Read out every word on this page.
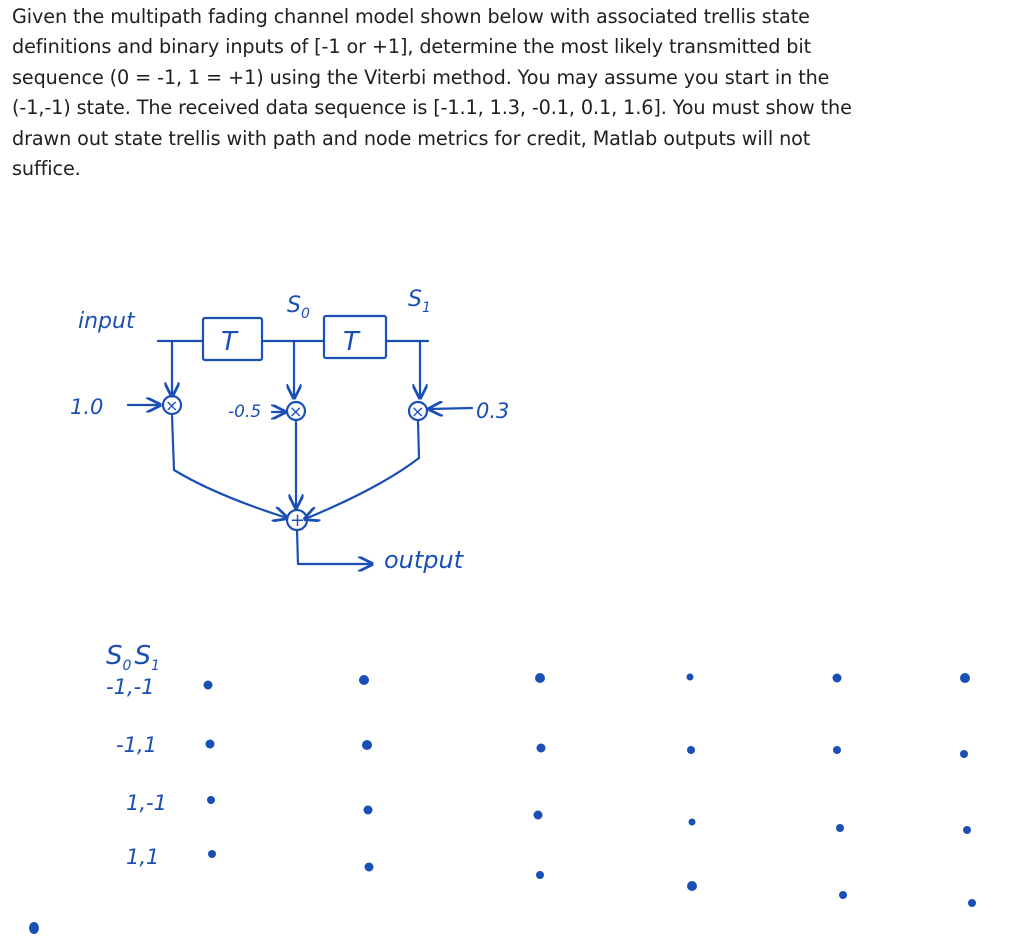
Given the multipath fading channel model shown below with associated trellis state
definitions and binary inputs of [-1 or +1], determine the most likely transmitted bit
sequence (0 = -1, 1 = +1) using the Viterbi method. You may assume you start in the
(-1,-1) state. The received data sequence is [-1.1, 1.3, -0.1, 0.1, 1.6]. You must show the
drawn out state trellis with path and node metrics for credit, Matlab outputs will not
suffice.
input
T	T
$S_0$
$S_1$
×	×	×
1.0	-0.5	0.3
+
output
$S_0$ $S_1$
-1,-1
-1,1
1,-1
1,1
